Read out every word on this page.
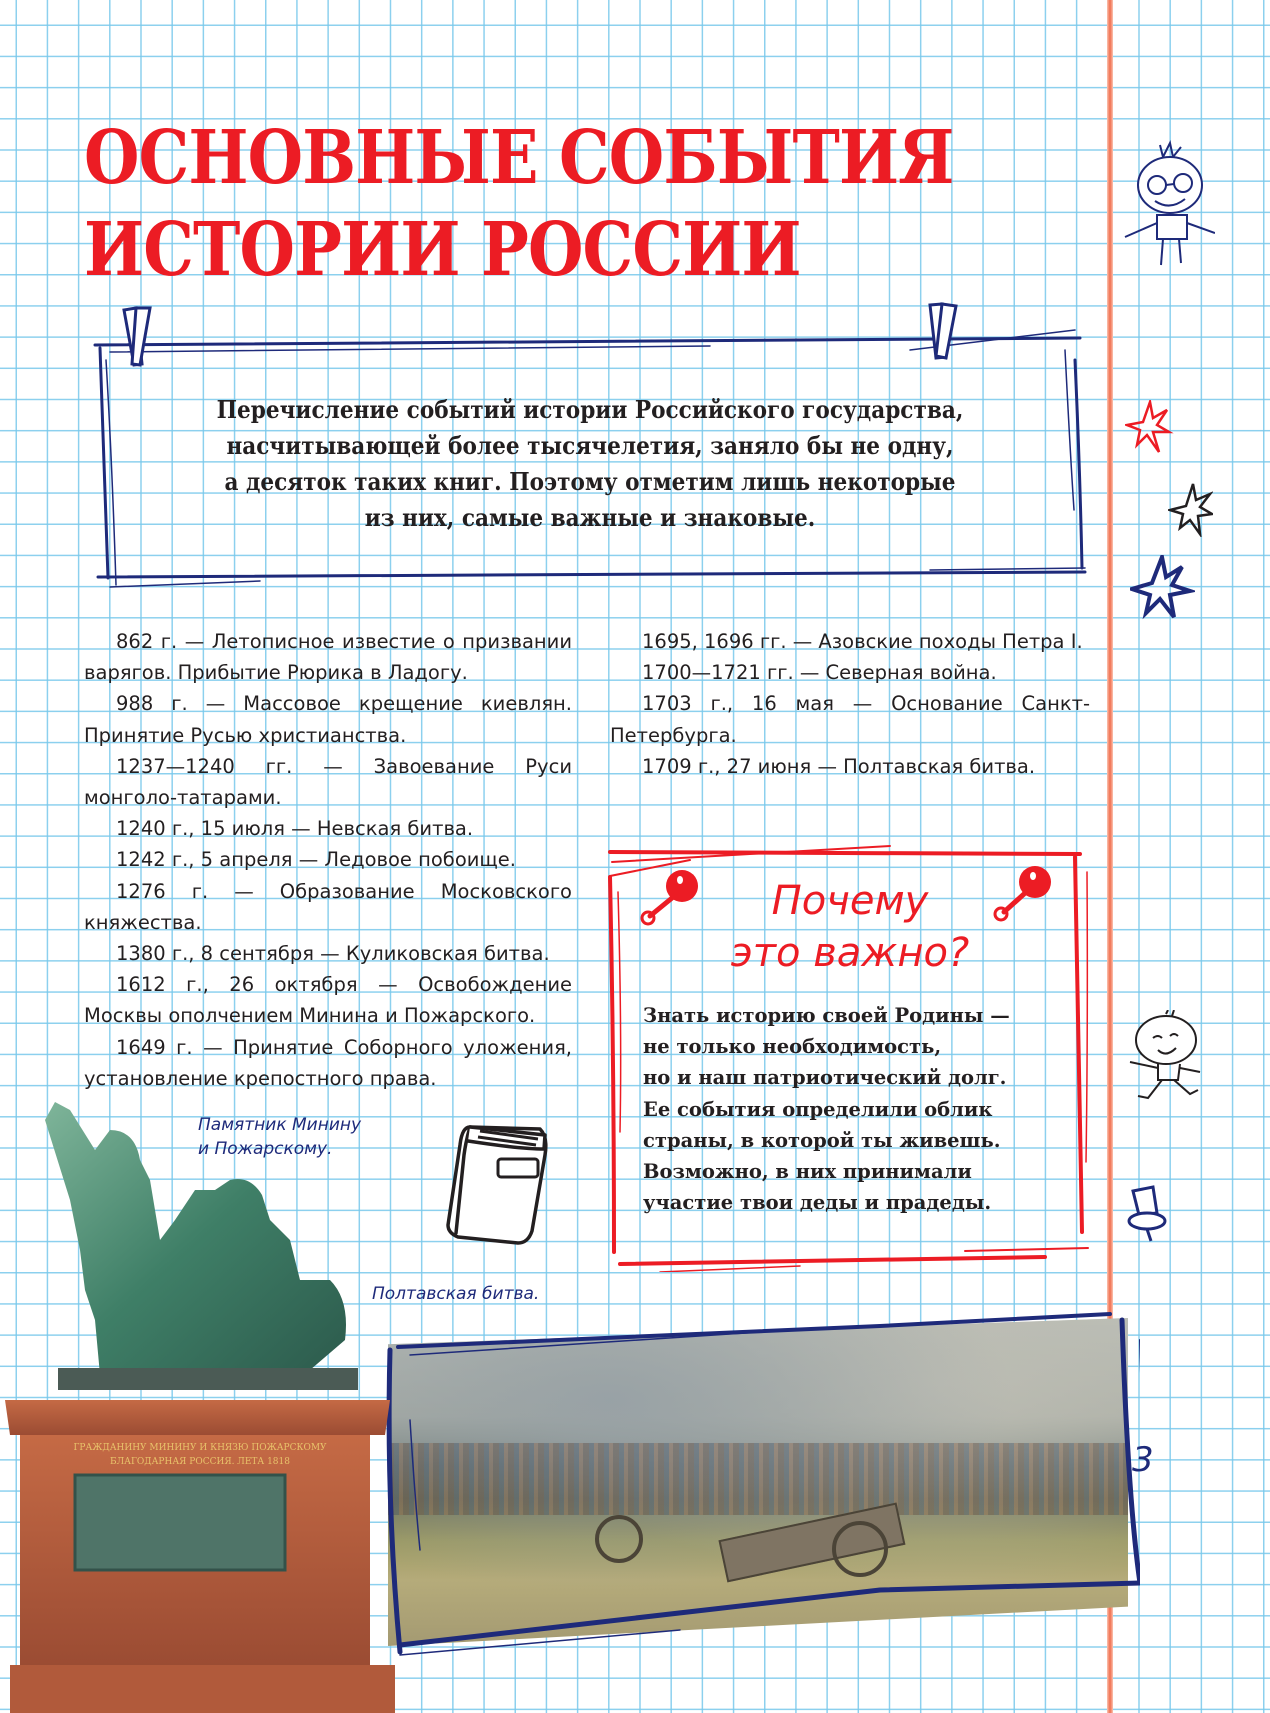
ОСНОВНЫЕ СОБЫТИЯ
ИСТОРИИ РОССИИ
Перечисление событий истории Российского государства,
насчитывающей более тысячелетия, заняло бы не одну,
а десяток таких книг. Поэтому отметим лишь некоторые
из них, самые важные и знаковые.

862 г. — Летописное известие о призвании варягов. Прибытие Рюрика в Ладогу.

988 г. — Массовое крещение киевлян. Принятие Русью христианства.

1237—1240 гг. — Завоевание Руси монголо-татарами.

1240 г., 15 июля — Невская битва.

1242 г., 5 апреля — Ледовое побоище.

1276 г. — Образование Московского княжества.

1380 г., 8 сентября — Куликовская битва.

1612 г., 26 октября — Освобождение Москвы ополчением Минина и Пожарского.

1649 г. — Принятие Соборного уложения, установление крепостного права.

1695, 1696 гг. — Азовские походы Петра I.

1700—1721 гг. — Северная война.

1703 г., 16 мая — Основание Санкт-Петербурга.

1709 г., 27 июня — Полтавская битва.

Почему
это важно?
Знать историю своей Родины —
не только необходимость,
но и наш патриотический долг.
Ее события определили облик
страны, в которой ты живешь.
Возможно, в них принимали
участие твои деды и прадеды.
Памятник Минину
и Пожарскому.
Полтавская битва.
ГРАЖДАНИНУ МИНИНУ И КНЯЗЮ ПОЖАРСКОМУ
БЛАГОДАРНАЯ РОССИЯ. ЛЕТА 1818	3
